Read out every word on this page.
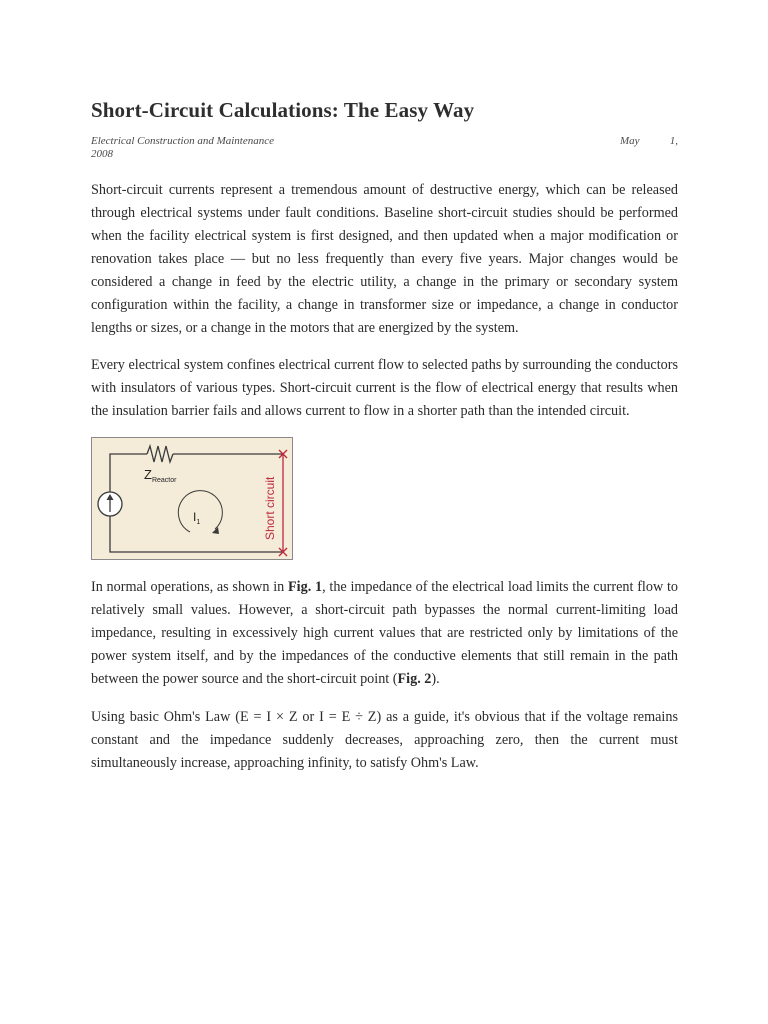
Short-Circuit Calculations: The Easy Way
Electrical Construction and Maintenance	May	1,
2008

Short-circuit currents represent a tremendous amount of destructive energy, which can be released through electrical systems under fault conditions. Baseline short-circuit studies should be performed when the facility electrical system is first designed, and then updated when a major modification or renovation takes place — but no less frequently than every five years. Major changes would be considered a change in feed by the electric utility, a change in the primary or secondary system configuration within the facility, a change in transformer size or impedance, a change in conductor lengths or sizes, or a change in the motors that are energized by the system.

Every electrical system confines electrical current flow to selected paths by surrounding the conductors with insulators of various types. Short-circuit current is the flow of electrical energy that results when the insulation barrier fails and allows current to flow in a shorter path than the intended circuit.

$Z_{Reactor}$
$I_1$	Short circuit

In normal operations, as shown in Fig. 1, the impedance of the electrical load limits the current flow to relatively small values. However, a short-circuit path bypasses the normal current-limiting load impedance, resulting in excessively high current values that are restricted only by limitations of the power system itself, and by the impedances of the conductive elements that still remain in the path between the power source and the short-circuit point (Fig. 2).

Using basic Ohm's Law (E = I × Z or I = E ÷ Z) as a guide, it's obvious that if the voltage remains constant and the impedance suddenly decreases, approaching zero, then the current must simultaneously increase, approaching infinity, to satisfy Ohm's Law.
